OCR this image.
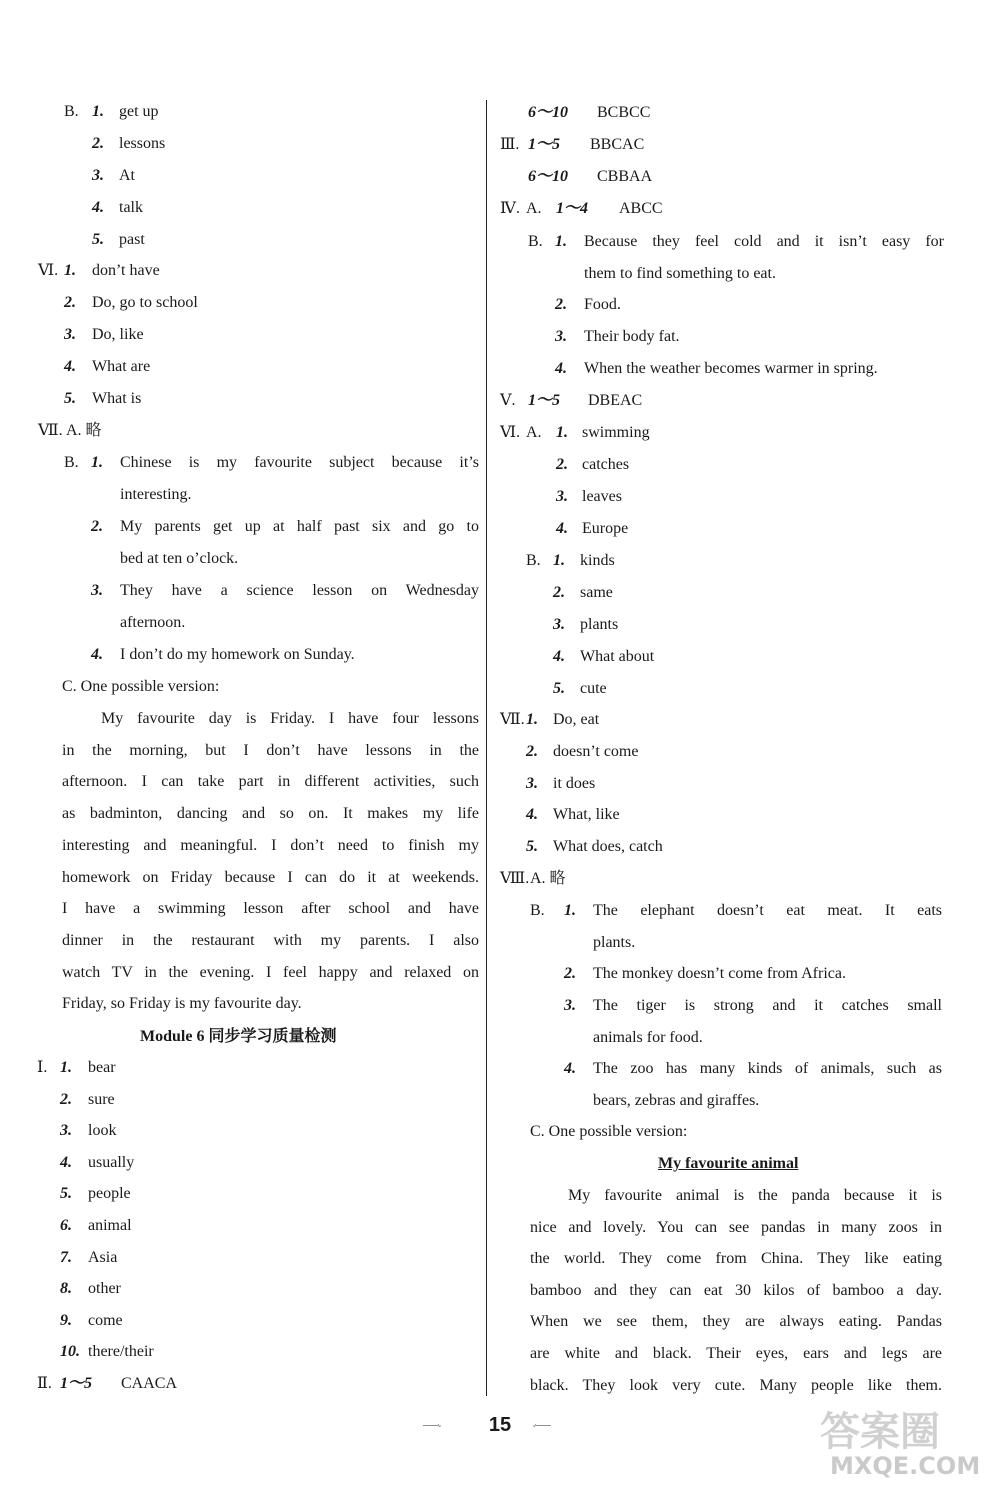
B. 1. get up
2. lessons
3. At
4. talk
5. past
Ⅵ. 1. don’t have
2. Do, go to school
3. Do, like
4. What are
5. What is
Ⅶ. A. 略
B. 1. Chinese is my favourite subject because it’s
interesting.
2. My parents get up at half past six and go to
bed at ten o’clock.
3. They have a science lesson on Wednesday
afternoon.
4. I don’t do my homework on Sunday.
C. One possible version:
My favourite day is Friday. I have four lessons
in the morning, but I don’t have lessons in the
afternoon. I can take part in different activities, such
as badminton, dancing and so on. It makes my life
interesting and meaningful. I don’t need to finish my
homework on Friday because I can do it at weekends.
I have a swimming lesson after school and have
dinner in the restaurant with my parents. I also
watch TV in the evening. I feel happy and relaxed on
Friday, so Friday is my favourite day.
Module 6 同步学习质量检测
Ⅰ. 1. bear
2. sure
3. look
4. usually
5. people
6. animal
7. Asia
8. other
9. come
10. there/their
Ⅱ. 1～5 CAACA
6～10 BCBCC
Ⅲ. 1～5 BBCAC
6～10 CBBAA
Ⅳ. A. 1～4 ABCC
B. 1. Because they feel cold and it isn’t easy for
them to find something to eat.
2. Food.
3. Their body fat.
4. When the weather becomes warmer in spring.
Ⅴ. 1～5 DBEAC
Ⅵ. A. 1. swimming
2. catches
3. leaves
4. Europe
B. 1. kinds
2. same
3. plants
4. What about
5. cute
Ⅶ. 1. Do, eat
2. doesn’t come
3. it does
4. What, like
5. What does, catch
Ⅷ. A. 略
B. 1. The elephant doesn’t eat meat. It eats
plants.
2. The monkey doesn’t come from Africa.
3. The tiger is strong and it catches small
animals for food.
4. The zoo has many kinds of animals, such as
bears, zebras and giraffes.
C. One possible version:
My favourite animal
My favourite animal is the panda because it is
nice and lovely. You can see pandas in many zoos in
the world. They come from China. They like eating
bamboo and they can eat 30 kilos of bamboo a day.
When we see them, they are always eating. Pandas
are white and black. Their eyes, ears and legs are
black. They look very cute. Many people like them.
15	答案圈
MXQE.COM
